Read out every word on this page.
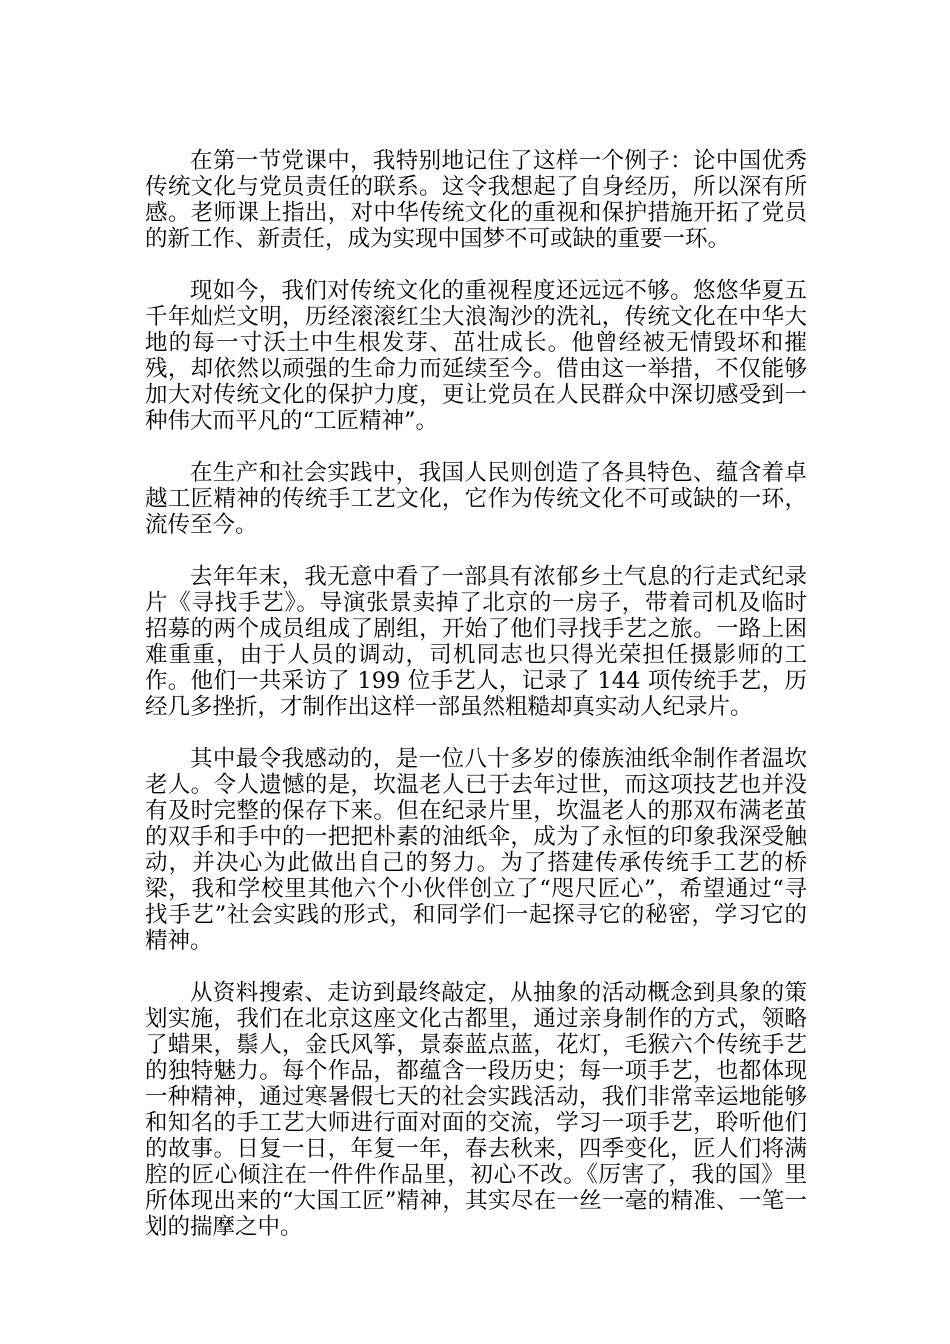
在第一节党课中，我特别地记住了这样一个例子：论中国优秀传统文化与党员责任的联系。这令我想起了自身经历，所以深有所感。老师课上指出，对中华传统文化的重视和保护措施开拓了党员的新工作、新责任，成为实现中国梦不可或缺的重要一环。

现如今，我们对传统文化的重视程度还远远不够。悠悠华夏五千年灿烂文明，历经滚滚红尘大浪淘沙的洗礼，传统文化在中华大地的每一寸沃土中生根发芽、茁壮成长。他曾经被无情毁坏和摧残，却依然以顽强的生命力而延续至今。借由这一举措，不仅能够加大对传统文化的保护力度，更让党员在人民群众中深切感受到一种伟大而平凡的“工匠精神”。

在生产和社会实践中，我国人民则创造了各具特色、蕴含着卓越工匠精神的传统手工艺文化，它作为传统文化不可或缺的一环，流传至今。

去年年末，我无意中看了一部具有浓郁乡土气息的行走式纪录片《寻找手艺》。导演张景卖掉了北京的一房子，带着司机及临时招募的两个成员组成了剧组，开始了他们寻找手艺之旅。一路上困难重重，由于人员的调动，司机同志也只得光荣担任摄影师的工作。他们一共采访了 199 位手艺人，记录了 144 项传统手艺，历经几多挫折，才制作出这样一部虽然粗糙却真实动人纪录片。

其中最令我感动的，是一位八十多岁的傣族油纸伞制作者温坎老人。令人遗憾的是，坎温老人已于去年过世，而这项技艺也并没有及时完整的保存下来。但在纪录片里，坎温老人的那双布满老茧的双手和手中的一把把朴素的油纸伞，成为了永恒的印象我深受触动，并决心为此做出自己的努力。为了搭建传承传统手工艺的桥梁，我和学校里其他六个小伙伴创立了“咫尺匠心”，希望通过“寻找手艺”社会实践的形式，和同学们一起探寻它的秘密，学习它的精神。

从资料搜索、走访到最终敲定，从抽象的活动概念到具象的策划实施，我们在北京这座文化古都里，通过亲身制作的方式，领略了蜡果，鬃人，金氏风筝，景泰蓝点蓝，花灯，毛猴六个传统手艺的独特魅力。每个作品，都蕴含一段历史；每一项手艺，也都体现一种精神，通过寒暑假七天的社会实践活动，我们非常幸运地能够和知名的手工艺大师进行面对面的交流，学习一项手艺，聆听他们的故事。日复一日，年复一年，春去秋来，四季变化，匠人们将满腔的匠心倾注在一件件作品里，初心不改。《厉害了，我的国》里所体现出来的“大国工匠”精神，其实尽在一丝一毫的精准、一笔一划的揣摩之中。
